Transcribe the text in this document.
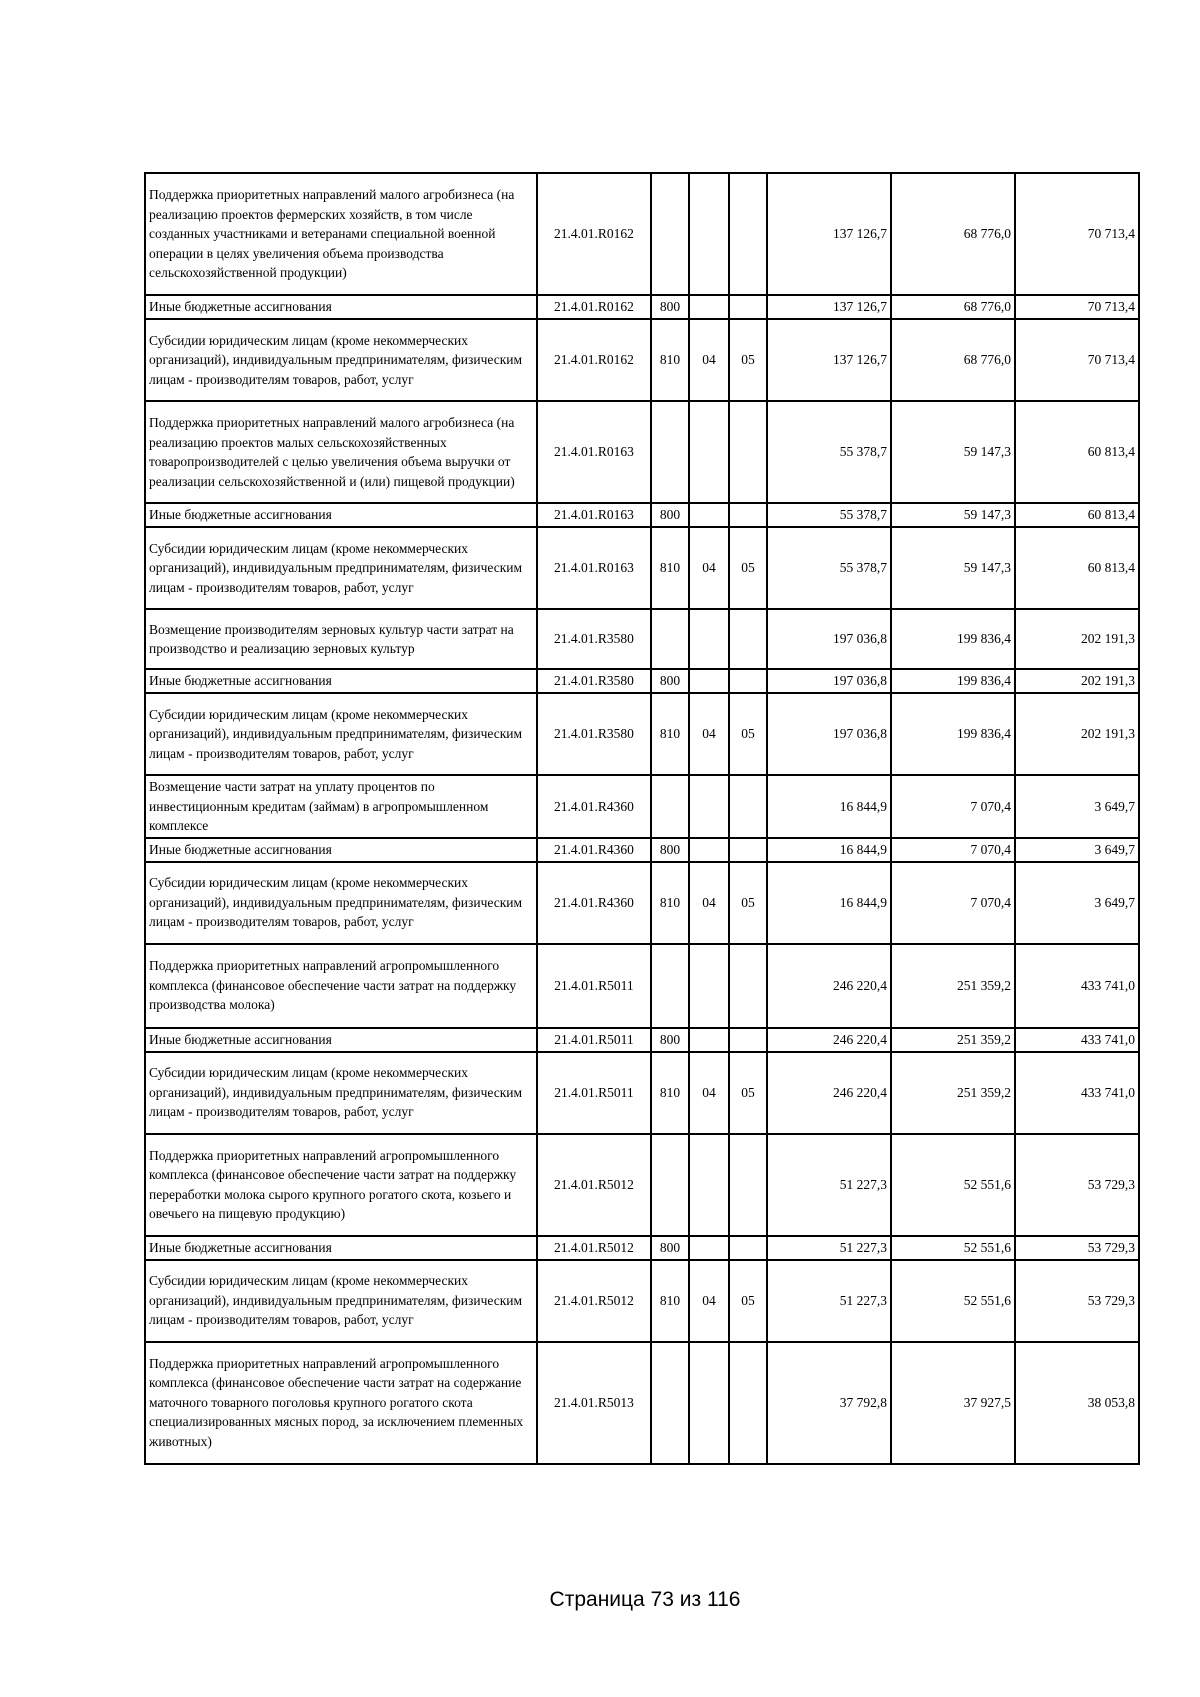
Поддержка приоритетных направлений малого агробизнеса (на реализацию проектов фермерских хозяйств, в том числе созданных участниками и ветеранами специальной военной операции в целях увеличения объема производства сельскохозяйственной продукции)	21.4.01.R0162				137 126,7	68 776,0	70 713,4
Иные бюджетные ассигнования	21.4.01.R0162	800			137 126,7	68 776,0	70 713,4
Субсидии юридическим лицам (кроме некоммерческих организаций), индивидуальным предпринимателям, физическим лицам - производителям товаров, работ, услуг	21.4.01.R0162	810	04	05	137 126,7	68 776,0	70 713,4
Поддержка приоритетных направлений малого агробизнеса (на реализацию проектов малых сельскохозяйственных товаропроизводителей с целью увеличения объема выручки от реализации сельскохозяйственной и (или) пищевой продукции)	21.4.01.R0163				55 378,7	59 147,3	60 813,4
Иные бюджетные ассигнования	21.4.01.R0163	800			55 378,7	59 147,3	60 813,4
Субсидии юридическим лицам (кроме некоммерческих организаций), индивидуальным предпринимателям, физическим лицам - производителям товаров, работ, услуг	21.4.01.R0163	810	04	05	55 378,7	59 147,3	60 813,4
Возмещение производителям зерновых культур части затрат на производство и реализацию зерновых культур	21.4.01.R3580				197 036,8	199 836,4	202 191,3
Иные бюджетные ассигнования	21.4.01.R3580	800			197 036,8	199 836,4	202 191,3
Субсидии юридическим лицам (кроме некоммерческих организаций), индивидуальным предпринимателям, физическим лицам - производителям товаров, работ, услуг	21.4.01.R3580	810	04	05	197 036,8	199 836,4	202 191,3
Возмещение части затрат на уплату процентов по инвестиционным кредитам (займам) в агропромышленном комплексе	21.4.01.R4360				16 844,9	7 070,4	3 649,7
Иные бюджетные ассигнования	21.4.01.R4360	800			16 844,9	7 070,4	3 649,7
Субсидии юридическим лицам (кроме некоммерческих организаций), индивидуальным предпринимателям, физическим лицам - производителям товаров, работ, услуг	21.4.01.R4360	810	04	05	16 844,9	7 070,4	3 649,7
Поддержка приоритетных направлений агропромышленного комплекса (финансовое обеспечение части затрат на поддержку производства молока)	21.4.01.R5011				246 220,4	251 359,2	433 741,0
Иные бюджетные ассигнования	21.4.01.R5011	800			246 220,4	251 359,2	433 741,0
Субсидии юридическим лицам (кроме некоммерческих организаций), индивидуальным предпринимателям, физическим лицам - производителям товаров, работ, услуг	21.4.01.R5011	810	04	05	246 220,4	251 359,2	433 741,0
Поддержка приоритетных направлений агропромышленного комплекса (финансовое обеспечение части затрат на поддержку переработки молока сырого крупного рогатого скота, козьего и овечьего на пищевую продукцию)	21.4.01.R5012				51 227,3	52 551,6	53 729,3
Иные бюджетные ассигнования	21.4.01.R5012	800			51 227,3	52 551,6	53 729,3
Субсидии юридическим лицам (кроме некоммерческих организаций), индивидуальным предпринимателям, физическим лицам - производителям товаров, работ, услуг	21.4.01.R5012	810	04	05	51 227,3	52 551,6	53 729,3
Поддержка приоритетных направлений агропромышленного комплекса (финансовое обеспечение части затрат на содержание маточного товарного поголовья крупного рогатого скота специализированных мясных пород, за исключением племенных животных)	21.4.01.R5013				37 792,8	37 927,5	38 053,8
Страница 73 из 116
